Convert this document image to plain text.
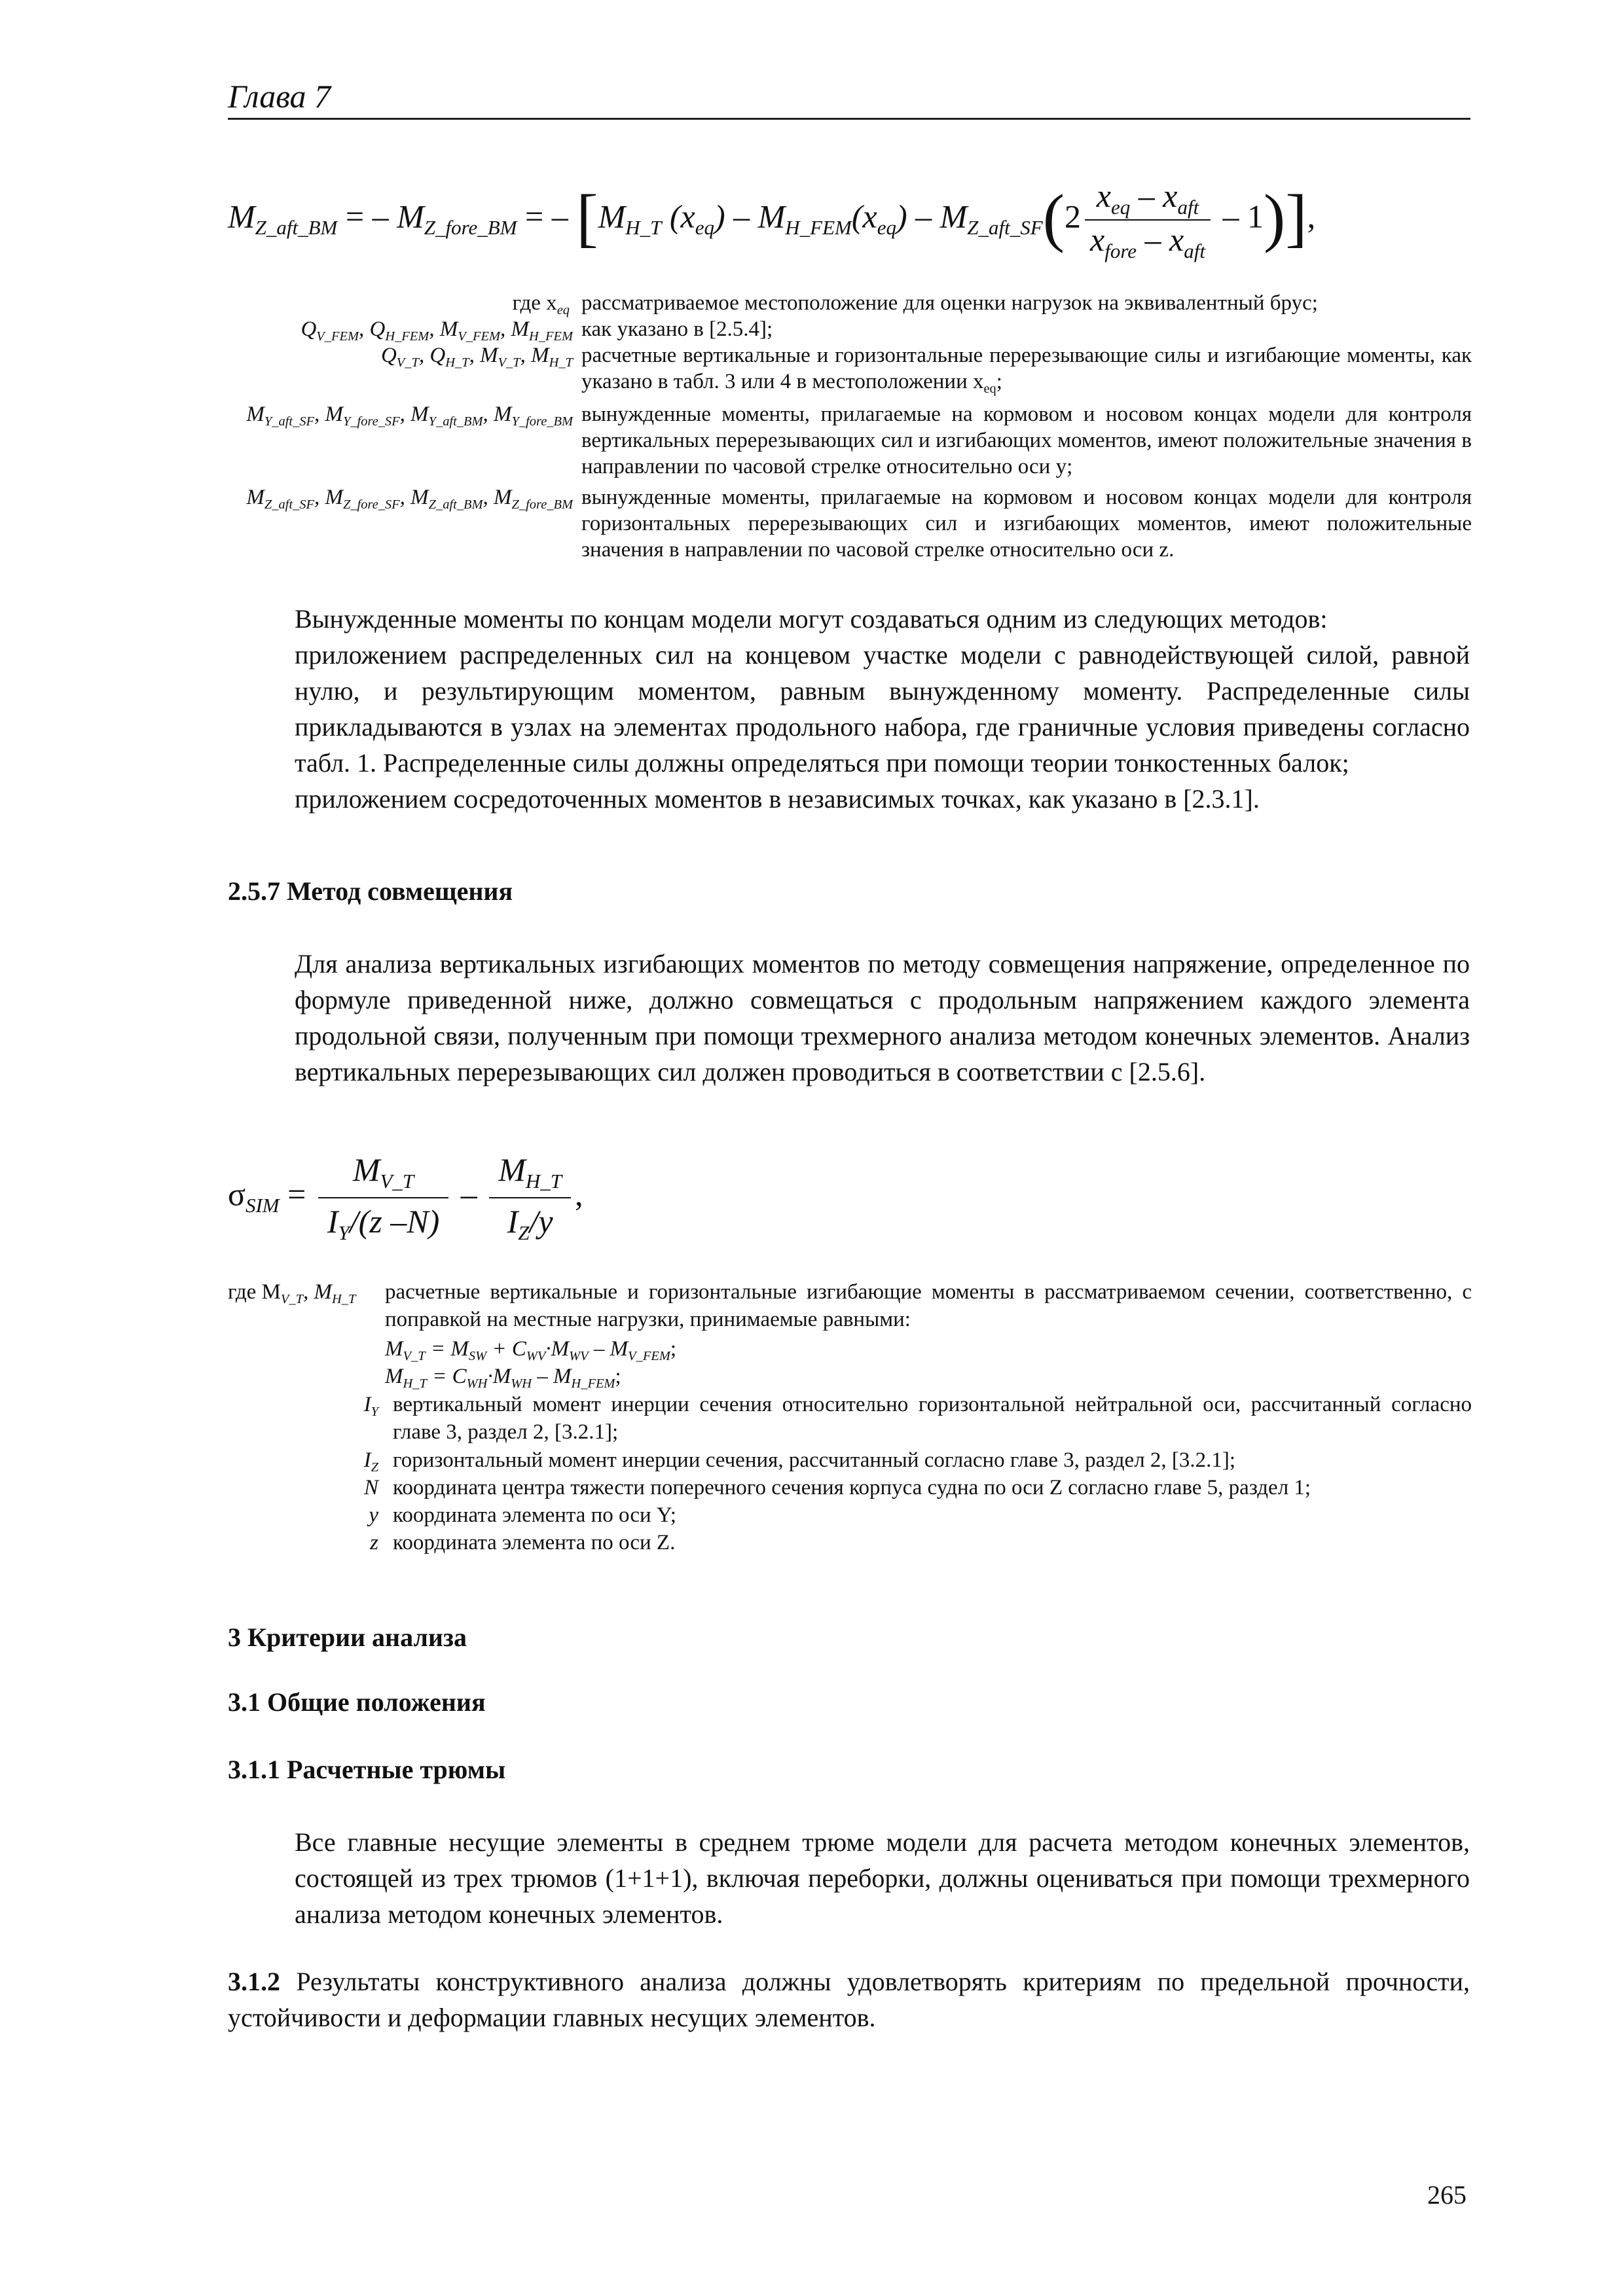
Глава 7
$M_{Z\_aft\_BM}$ = – $M_{Z\_fore\_BM}$ = – [$M_{H\_T}$ $(x_{eq}) - M_{H\_FEM}(x_{eq}) - M_{Z\_aft\_SF}(2 \frac{x_{eq} - x_{aft}}{x_{fore} - x_{aft}} - 1)$],
где $x_{eq}$ рассматриваемое местоположение для оценки нагрузок на эквивалентный брус;
$Q_{V\_FEM}$, $Q_{H\_FEM}$, $M_{V\_FEM}$, $M_{H\_FEM}$ как указано в [2.5.4];
$Q_{V\_T}$, $Q_{H\_T}$, $M_{V\_T}$, $M_{H\_T}$ расчетные вертикальные и горизонтальные перерезывающие силы и изгибающие моменты, как указано в табл. 3 или 4 в местоположении $x_{eq}$;
$M_{Y\_aft\_SF}$, $M_{Y\_fore\_SF}$, $M_{Y\_aft\_BM}$, $M_{Y\_fore\_BM}$ вынужденные моменты, прилагаемые на кормовом и носовом концах модели для контроля вертикальных перерезывающих сил и изгибающих моментов, имеют положительные значения в направлении по часовой стрелке относительно оси y;
$M_{Z\_aft\_SF}$, $M_{Z\_fore\_SF}$, $M_{Z\_aft\_BM}$, $M_{Z\_fore\_BM}$ вынужденные моменты, прилагаемые на кормовом и носовом концах модели для контроля горизонтальных перерезывающих сил и изгибающих моментов, имеют положительные значения в направлении по часовой стрелке относительно оси z.
Вынужденные моменты по концам модели могут создаваться одним из следующих методов:
приложением распределенных сил на концевом участке модели с равнодействующей силой, равной нулю, и результирующим моментом, равным вынужденному моменту. Распределенные силы прикладываются в узлах на элементах продольного набора, где граничные условия приведены согласно табл. 1. Распределенные силы должны определяться при помощи теории тонкостенных балок;
приложением сосредоточенных моментов в независимых точках, как указано в [2.3.1].
2.5.7 Метод совмещения
Для анализа вертикальных изгибающих моментов по методу совмещения напряжение, определенное по формуле приведенной ниже, должно совмещаться с продольным напряжением каждого элемента продольной связи, полученным при помощи трехмерного анализа методом конечных элементов. Анализ вертикальных перерезывающих сил должен проводиться в соответствии с [2.5.6].
$\sigma_{SIM} = \frac{M_{V\_T}}{I_Y/(z -N)} - \frac{M_{H\_T}}{I_Z/y}$ ,
где $M_{V\_T}$, $M_{H\_T}$ расчетные вертикальные и горизонтальные изгибающие моменты в рассматриваемом сечении, соответственно, с поправкой на местные нагрузки, принимаемые равными:
$M_{V\_T} = M_{SW} + C_{WV}\cdot M_{WV} - M_{V\_FEM}$;
$M_{H\_T} = C_{WH}\cdot M_{WH} - M_{H\_FEM}$;
$I_Y$ вертикальный момент инерции сечения относительно горизонтальной нейтральной оси, рассчитанный согласно главе 3, раздел 2, [3.2.1];
$I_Z$ горизонтальный момент инерции сечения, рассчитанный согласно главе 3, раздел 2, [3.2.1];
N координата центра тяжести поперечного сечения корпуса судна по оси Z согласно главе 5, раздел 1;
y координата элемента по оси Y;
z координата элемента по оси Z.
3 Критерии анализа
3.1 Общие положения
3.1.1 Расчетные трюмы
Все главные несущие элементы в среднем трюме модели для расчета методом конечных элементов, состоящей из трех трюмов (1+1+1), включая переборки, должны оцениваться при помощи трехмерного анализа методом конечных элементов.
3.1.2 Результаты конструктивного анализа должны удовлетворять критериям по предельной прочности, устойчивости и деформации главных несущих элементов.
265
